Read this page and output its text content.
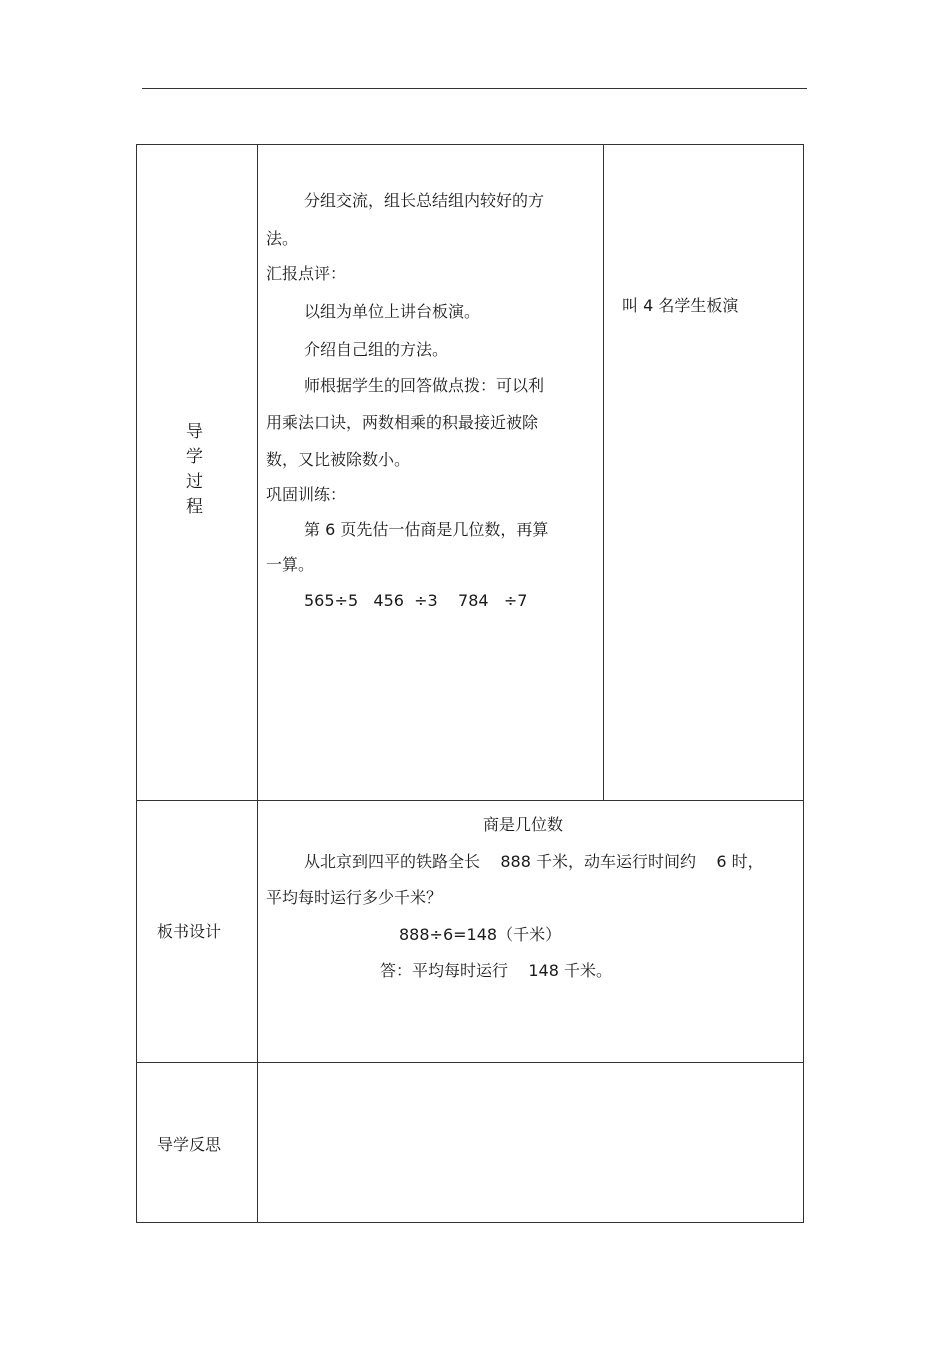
导
学
过
程
分组交流，组长总结组内较好的方
法。
汇报点评：
以组为单位上讲台板演。
介绍自己组的方法。
师根据学生的回答做点拨：可以利
用乘法口诀，两数相乘的积最接近被除
数，又比被除数小。
巩固训练：
第 6 页先估一估商是几位数，再算
一算。
565÷5   456  ÷3    784   ÷7
叫 4 名学生板演
板书设计
商是几位数
从北京到四平的铁路全长    888 千米，动车运行时间约    6 时，
平均每时运行多少千米？
888÷6=148（千米）
答：平均每时运行    148 千米。
导学反思
